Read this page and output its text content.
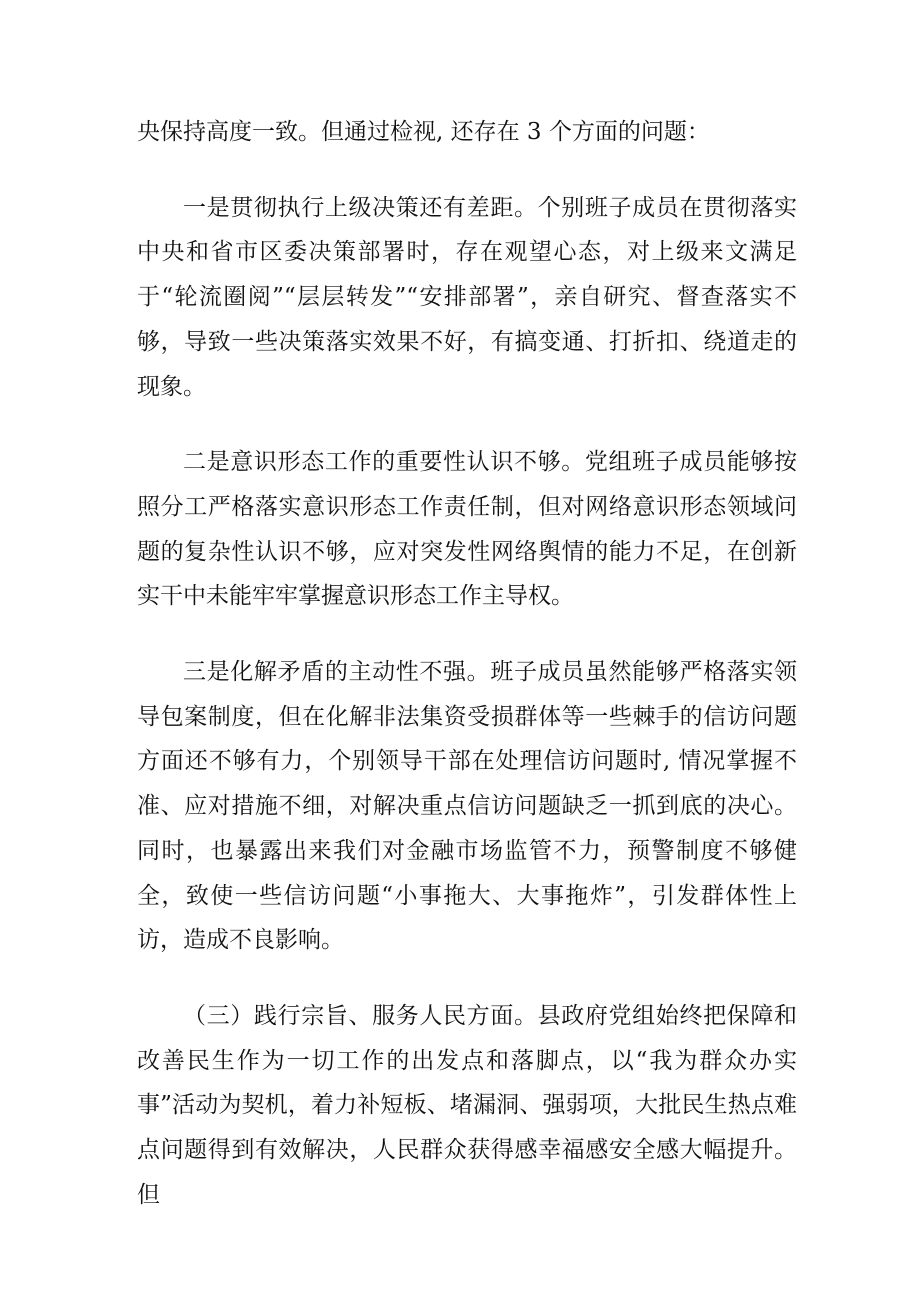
央保持高度一致。但通过检视, 还存在 3 个方面的问题：

一是贯彻执行上级决策还有差距。个别班子成员在贯彻落实中央和省市区委决策部署时，存在观望心态，对上级来文满足于“轮流圈阅”“层层转发”“安排部署”，亲自研究、督查落实不够，导致一些决策落实效果不好，有搞变通、打折扣、绕道走的现象。

二是意识形态工作的重要性认识不够。党组班子成员能够按照分工严格落实意识形态工作责任制，但对网络意识形态领域问题的复杂性认识不够，应对突发性网络舆情的能力不足，在创新实干中未能牢牢掌握意识形态工作主导权。

三是化解矛盾的主动性不强。班子成员虽然能够严格落实领导包案制度，但在化解非法集资受损群体等一些棘手的信访问题方面还不够有力，个别领导干部在处理信访问题时, 情况掌握不准、应对措施不细，对解决重点信访问题缺乏一抓到底的决心。同时，也暴露出来我们对金融市场监管不力，预警制度不够健全，致使一些信访问题“小事拖大、大事拖炸”，引发群体性上访，造成不良影响。

（三）践行宗旨、服务人民方面。县政府党组始终把保障和改善民生作为一切工作的出发点和落脚点，以“我为群众办实事”活动为契机，着力补短板、堵漏洞、强弱项，大批民生热点难点问题得到有效解决，人民群众获得感幸福感安全感大幅提升。但
